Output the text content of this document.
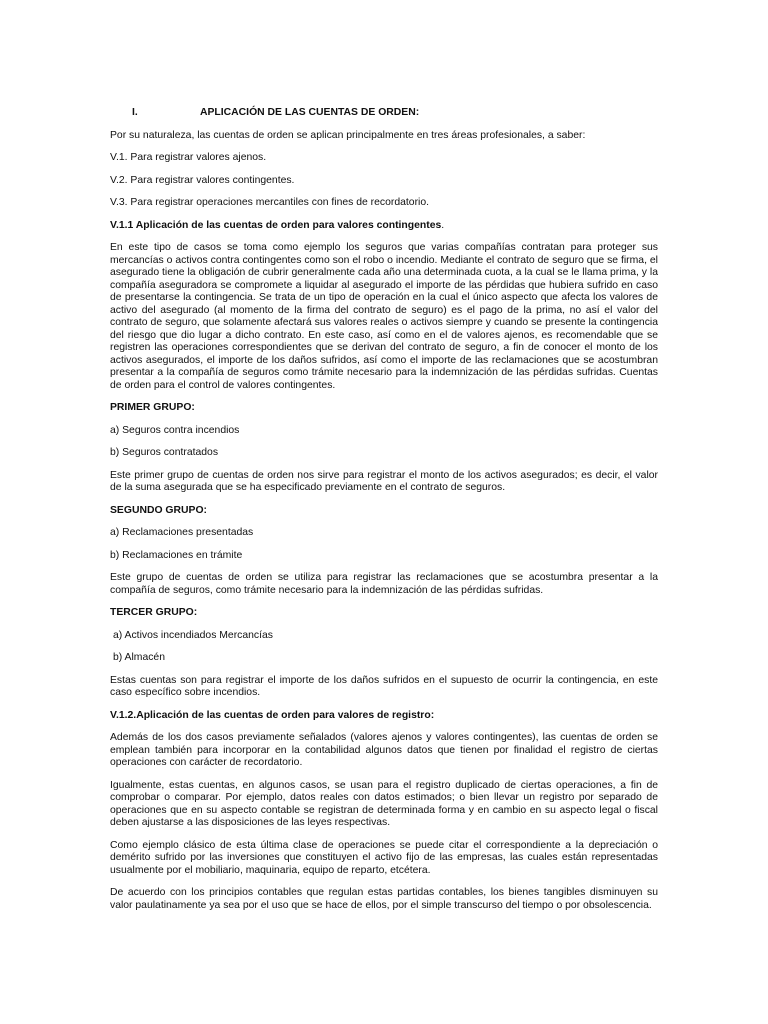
I.	APLICACIÓN DE LAS CUENTAS DE ORDEN:

Por su naturaleza, las cuentas de orden se aplican principalmente en tres áreas profesionales, a saber:

V.1. Para registrar valores ajenos.

V.2. Para registrar valores contingentes.

V.3. Para registrar operaciones mercantiles con fines de recordatorio.

V.1.1 Aplicación de las cuentas de orden para valores contingentes.

En este tipo de casos se toma como ejemplo los seguros que varias compañías contratan para proteger sus mercancías o activos contra contingentes como son el robo o incendio. Mediante el contrato de seguro que se firma, el asegurado tiene la obligación de cubrir generalmente cada año una determinada cuota, a la cual se le llama prima, y la compañía aseguradora se compromete a liquidar al asegurado el importe de las pérdidas que hubiera sufrido en caso de presentarse la contingencia. Se trata de un tipo de operación en la cual el único aspecto que afecta los valores de activo del asegurado (al momento de la firma del contrato de seguro) es el pago de la prima, no así el valor del contrato de seguro, que solamente afectará sus valores reales o activos siempre y cuando se presente la contingencia del riesgo que dio lugar a dicho contrato. En este caso, así como en el de valores ajenos, es recomendable que se registren las operaciones correspondientes que se derivan del contrato de seguro, a fin de conocer el monto de los activos asegurados, el importe de los daños sufridos, así como el importe de las reclamaciones que se acostumbran presentar a la compañía de seguros como trámite necesario para la indemnización de las pérdidas sufridas. Cuentas de orden para el control de valores contingentes.

PRIMER GRUPO:

a) Seguros contra incendios

b) Seguros contratados

Este primer grupo de cuentas de orden nos sirve para registrar el monto de los activos asegurados; es decir, el valor de la suma asegurada que se ha especificado previamente en el contrato de seguros.

SEGUNDO GRUPO:

a) Reclamaciones presentadas

b) Reclamaciones en trámite

Este grupo de cuentas de orden se utiliza para registrar las reclamaciones que se acostumbra presentar a la compañía de seguros, como trámite necesario para la indemnización de las pérdidas sufridas.

TERCER GRUPO:

a) Activos incendiados Mercancías

b) Almacén

Estas cuentas son para registrar el importe de los daños sufridos en el supuesto de ocurrir la contingencia, en este caso específico sobre incendios.

V.1.2.Aplicación de las cuentas de orden para valores de registro:

Además de los dos casos previamente señalados (valores ajenos y valores contingentes), las cuentas de orden se emplean también para incorporar en la contabilidad algunos datos que tienen por finalidad el registro de ciertas operaciones con carácter de recordatorio.

Igualmente, estas cuentas, en algunos casos, se usan para el registro duplicado de ciertas operaciones, a fin de comprobar o comparar. Por ejemplo, datos reales con datos estimados; o bien llevar un registro por separado de operaciones que en su aspecto contable se registran de determinada forma y en cambio en su aspecto legal o fiscal deben ajustarse a las disposiciones de las leyes respectivas.

Como ejemplo clásico de esta última clase de operaciones se puede citar el correspondiente a la depreciación o demérito sufrido por las inversiones que constituyen el activo fijo de las empresas, las cuales están representadas usualmente por el mobiliario, maquinaria, equipo de reparto, etcétera.

De acuerdo con los principios contables que regulan estas partidas contables, los bienes tangibles disminuyen su valor paulatinamente ya sea por el uso que se hace de ellos, por el simple transcurso del tiempo o por obsolescencia.
